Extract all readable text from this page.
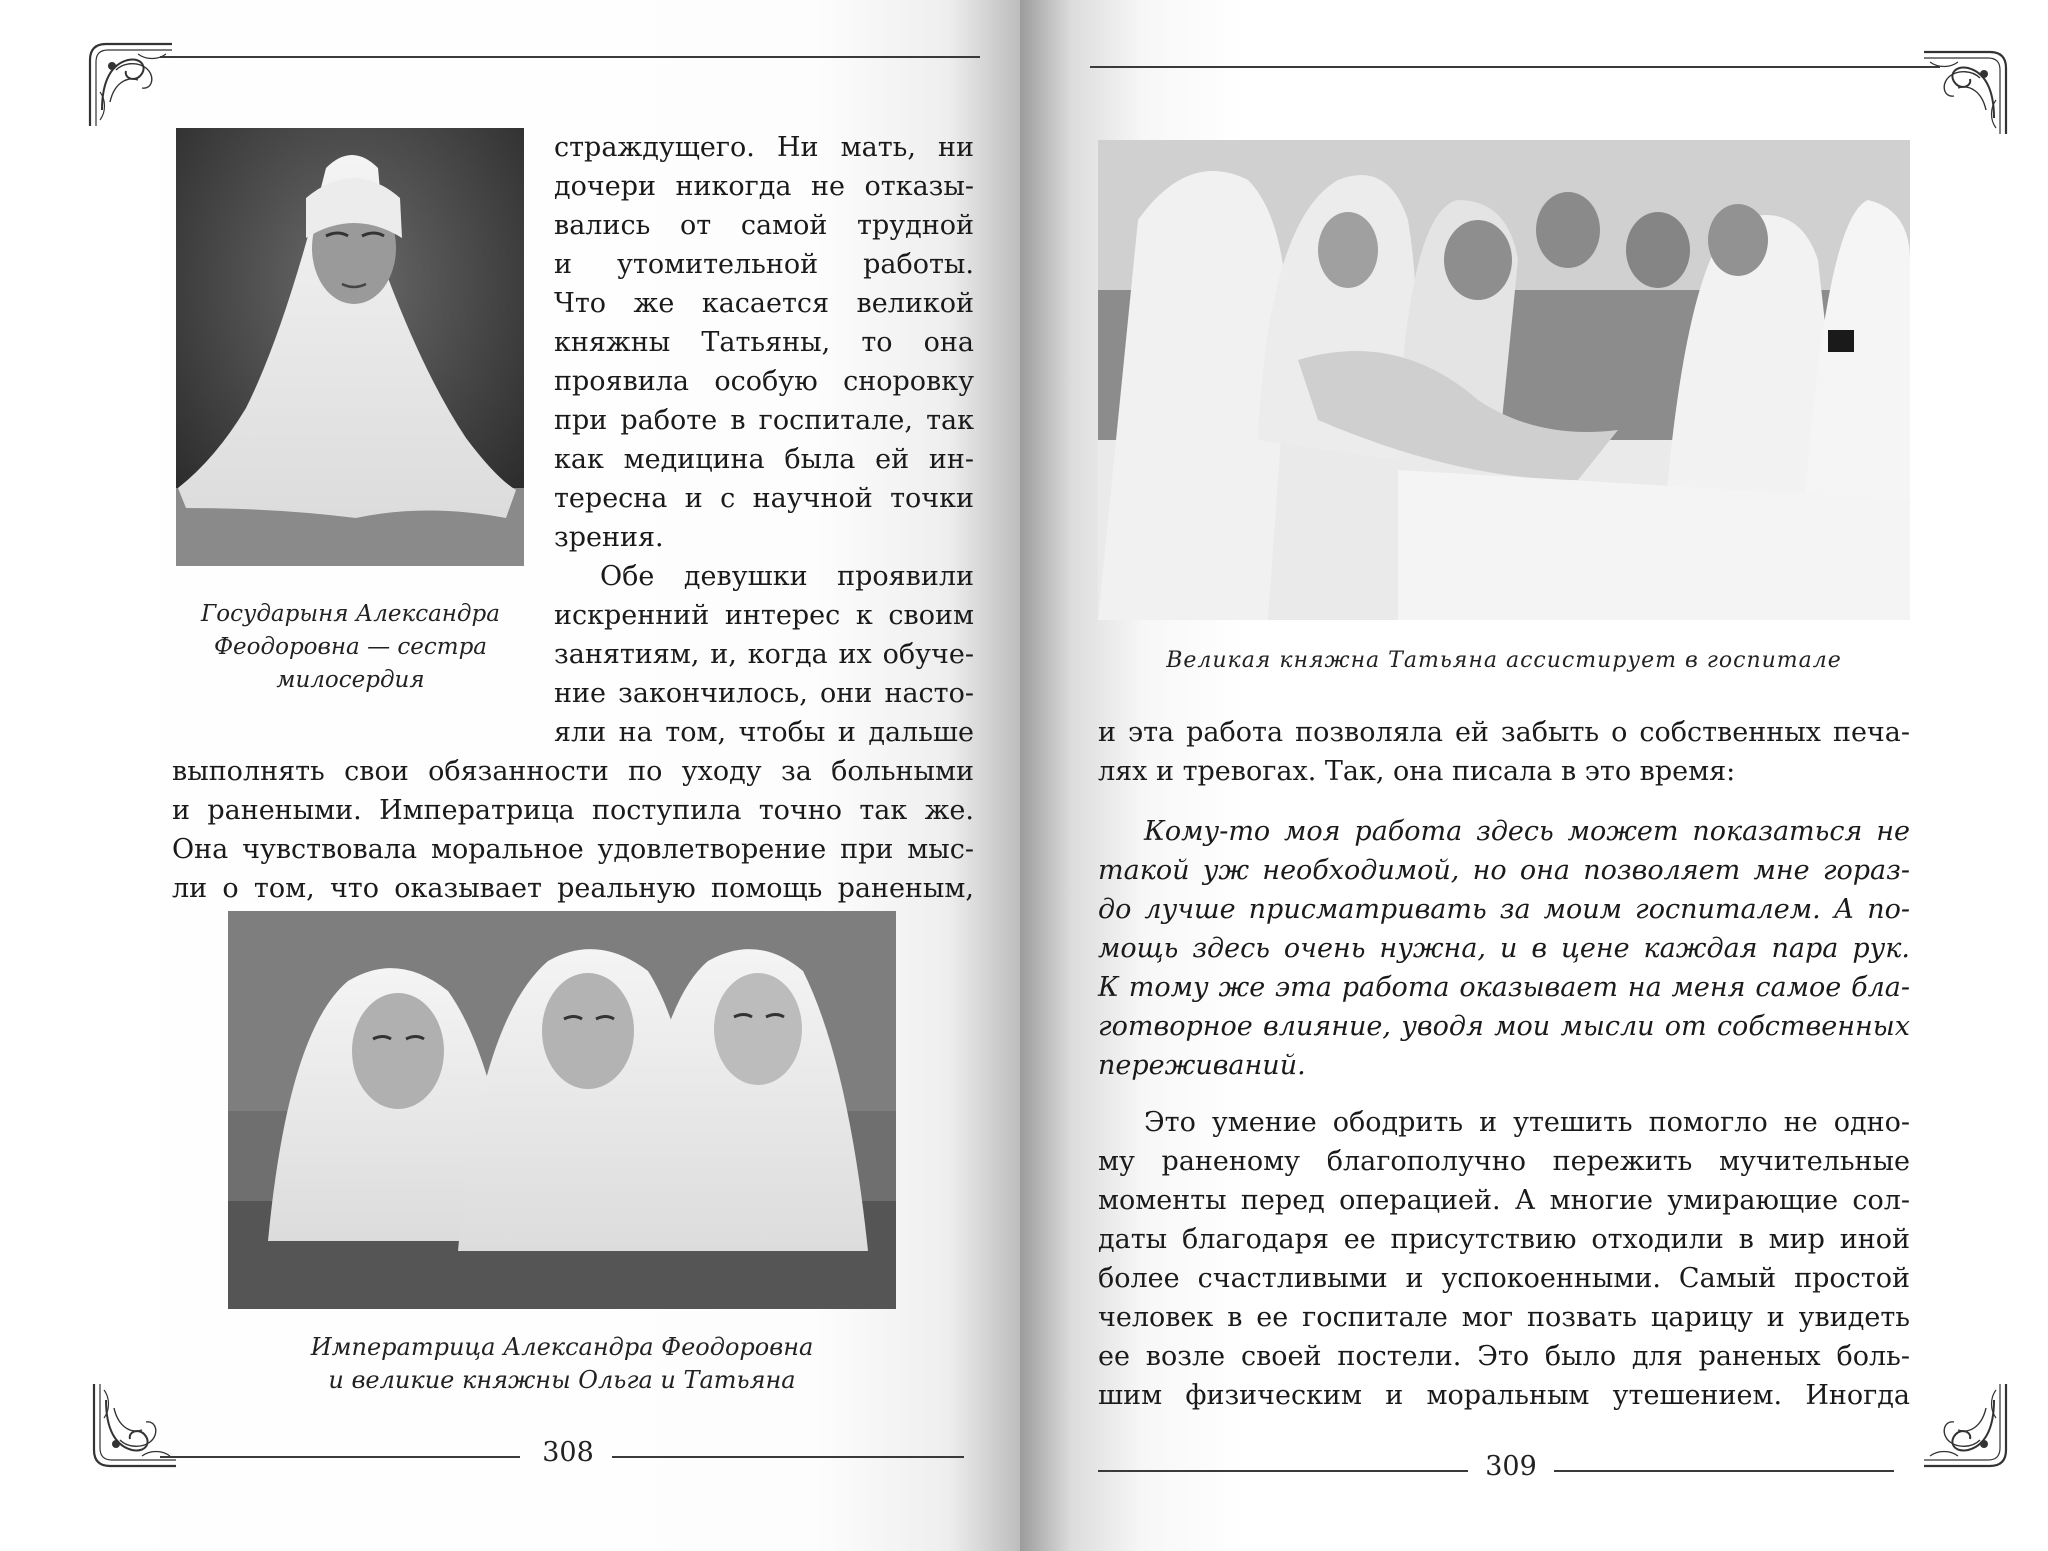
Государыня Александра
Феодоровна — сестра
милосердия
страждущего. Ни мать, ни
дочери никогда не отказы-
вались от самой трудной
и утомительной работы.
Что же касается великой
княжны Татьяны, то она
проявила особую сноровку
при работе в госпитале, так
как медицина была ей ин-
тересна и с научной точки
зрения.
Обе девушки проявили
искренний интерес к своим
занятиям, и, когда их обуче-
ние закончилось, они насто-
яли на том, чтобы и дальше
выполнять свои обязанности по уходу за больными
и ранеными. Императрица поступила точно так же.
Она чувствовала моральное удовлетворение при мыс-
ли о том, что оказывает реальную помощь раненым,
Императрица Александра Феодоровна
и великие княжны Ольга и Татьяна
308
Великая княжна Татьяна ассистирует в госпитале
и эта работа позволяла ей забыть о собственных печа-
лях и тревогах. Так, она писала в это время:
Кому-то моя работа здесь может показаться не
такой уж необходимой, но она позволяет мне гораз-
до лучше присматривать за моим госпиталем. А по-
мощь здесь очень нужна, и в цене каждая пара рук.
К тому же эта работа оказывает на меня самое бла-
готворное влияние, уводя мои мысли от собственных
переживаний.
Это умение ободрить и утешить помогло не одно-
му раненому благополучно пережить мучительные
моменты перед операцией. А многие умирающие сол-
даты благодаря ее присутствию отходили в мир иной
более счастливыми и успокоенными. Самый простой
человек в ее госпитале мог позвать царицу и увидеть
ее возле своей постели. Это было для раненых боль-
шим физическим и моральным утешением. Иногда
309
